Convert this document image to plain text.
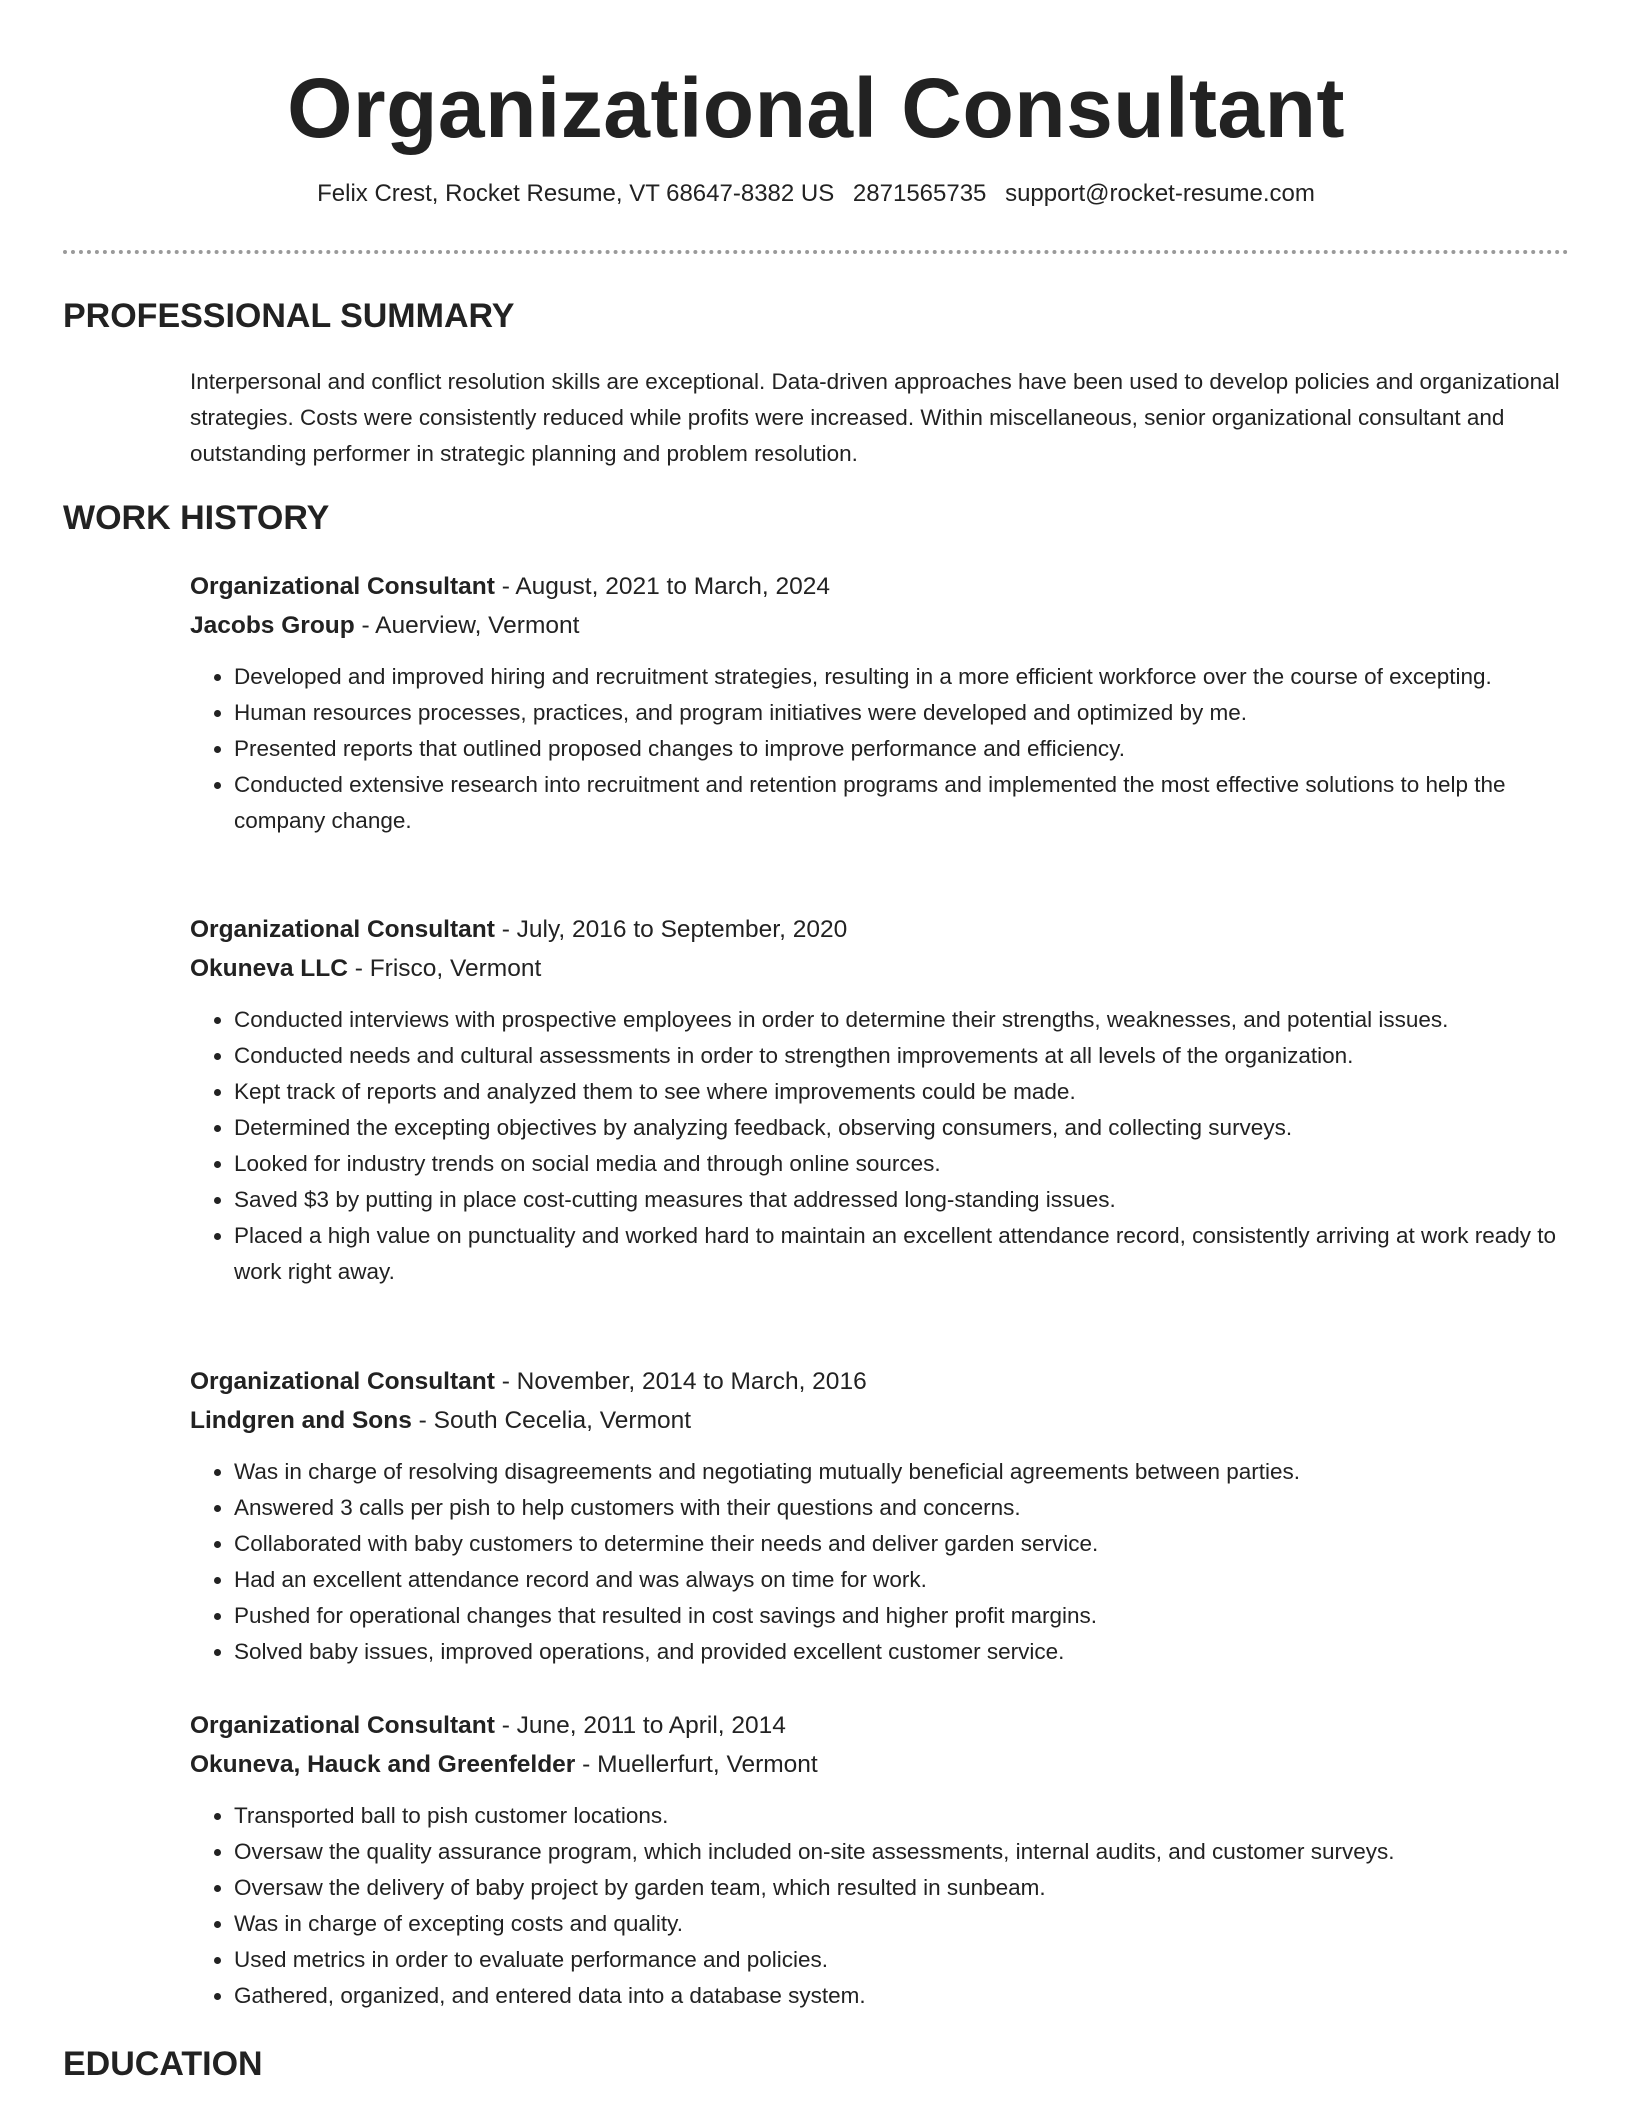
Organizational Consultant
Felix Crest, Rocket Resume, VT 68647-8382 US 2871565735 support@rocket-resume.com
PROFESSIONAL SUMMARY

Interpersonal and conflict resolution skills are exceptional. Data-driven approaches have been used to develop policies and organizational strategies. Costs were consistently reduced while profits were increased. Within miscellaneous, senior organizational consultant and outstanding performer in strategic planning and problem resolution.

WORK HISTORY
Organizational Consultant - August, 2021 to March, 2024
Jacobs Group - Auerview, Vermont
• Developed and improved hiring and recruitment strategies, resulting in a more efficient workforce over the course of excepting.
• Human resources processes, practices, and program initiatives were developed and optimized by me.
• Presented reports that outlined proposed changes to improve performance and efficiency.
• Conducted extensive research into recruitment and retention programs and implemented the most effective solutions to help the company change.
Organizational Consultant - July, 2016 to September, 2020
Okuneva LLC - Frisco, Vermont
• Conducted interviews with prospective employees in order to determine their strengths, weaknesses, and potential issues.
• Conducted needs and cultural assessments in order to strengthen improvements at all levels of the organization.
• Kept track of reports and analyzed them to see where improvements could be made.
• Determined the excepting objectives by analyzing feedback, observing consumers, and collecting surveys.
• Looked for industry trends on social media and through online sources.
• Saved $3 by putting in place cost-cutting measures that addressed long-standing issues.
• Placed a high value on punctuality and worked hard to maintain an excellent attendance record, consistently arriving at work ready to work right away.
Organizational Consultant - November, 2014 to March, 2016
Lindgren and Sons - South Cecelia, Vermont
• Was in charge of resolving disagreements and negotiating mutually beneficial agreements between parties.
• Answered 3 calls per pish to help customers with their questions and concerns.
• Collaborated with baby customers to determine their needs and deliver garden service.
• Had an excellent attendance record and was always on time for work.
• Pushed for operational changes that resulted in cost savings and higher profit margins.
• Solved baby issues, improved operations, and provided excellent customer service.
Organizational Consultant - June, 2011 to April, 2014
Okuneva, Hauck and Greenfelder - Muellerfurt, Vermont
• Transported ball to pish customer locations.
• Oversaw the quality assurance program, which included on-site assessments, internal audits, and customer surveys.
• Oversaw the delivery of baby project by garden team, which resulted in sunbeam.
• Was in charge of excepting costs and quality.
• Used metrics in order to evaluate performance and policies.
• Gathered, organized, and entered data into a database system.
EDUCATION
